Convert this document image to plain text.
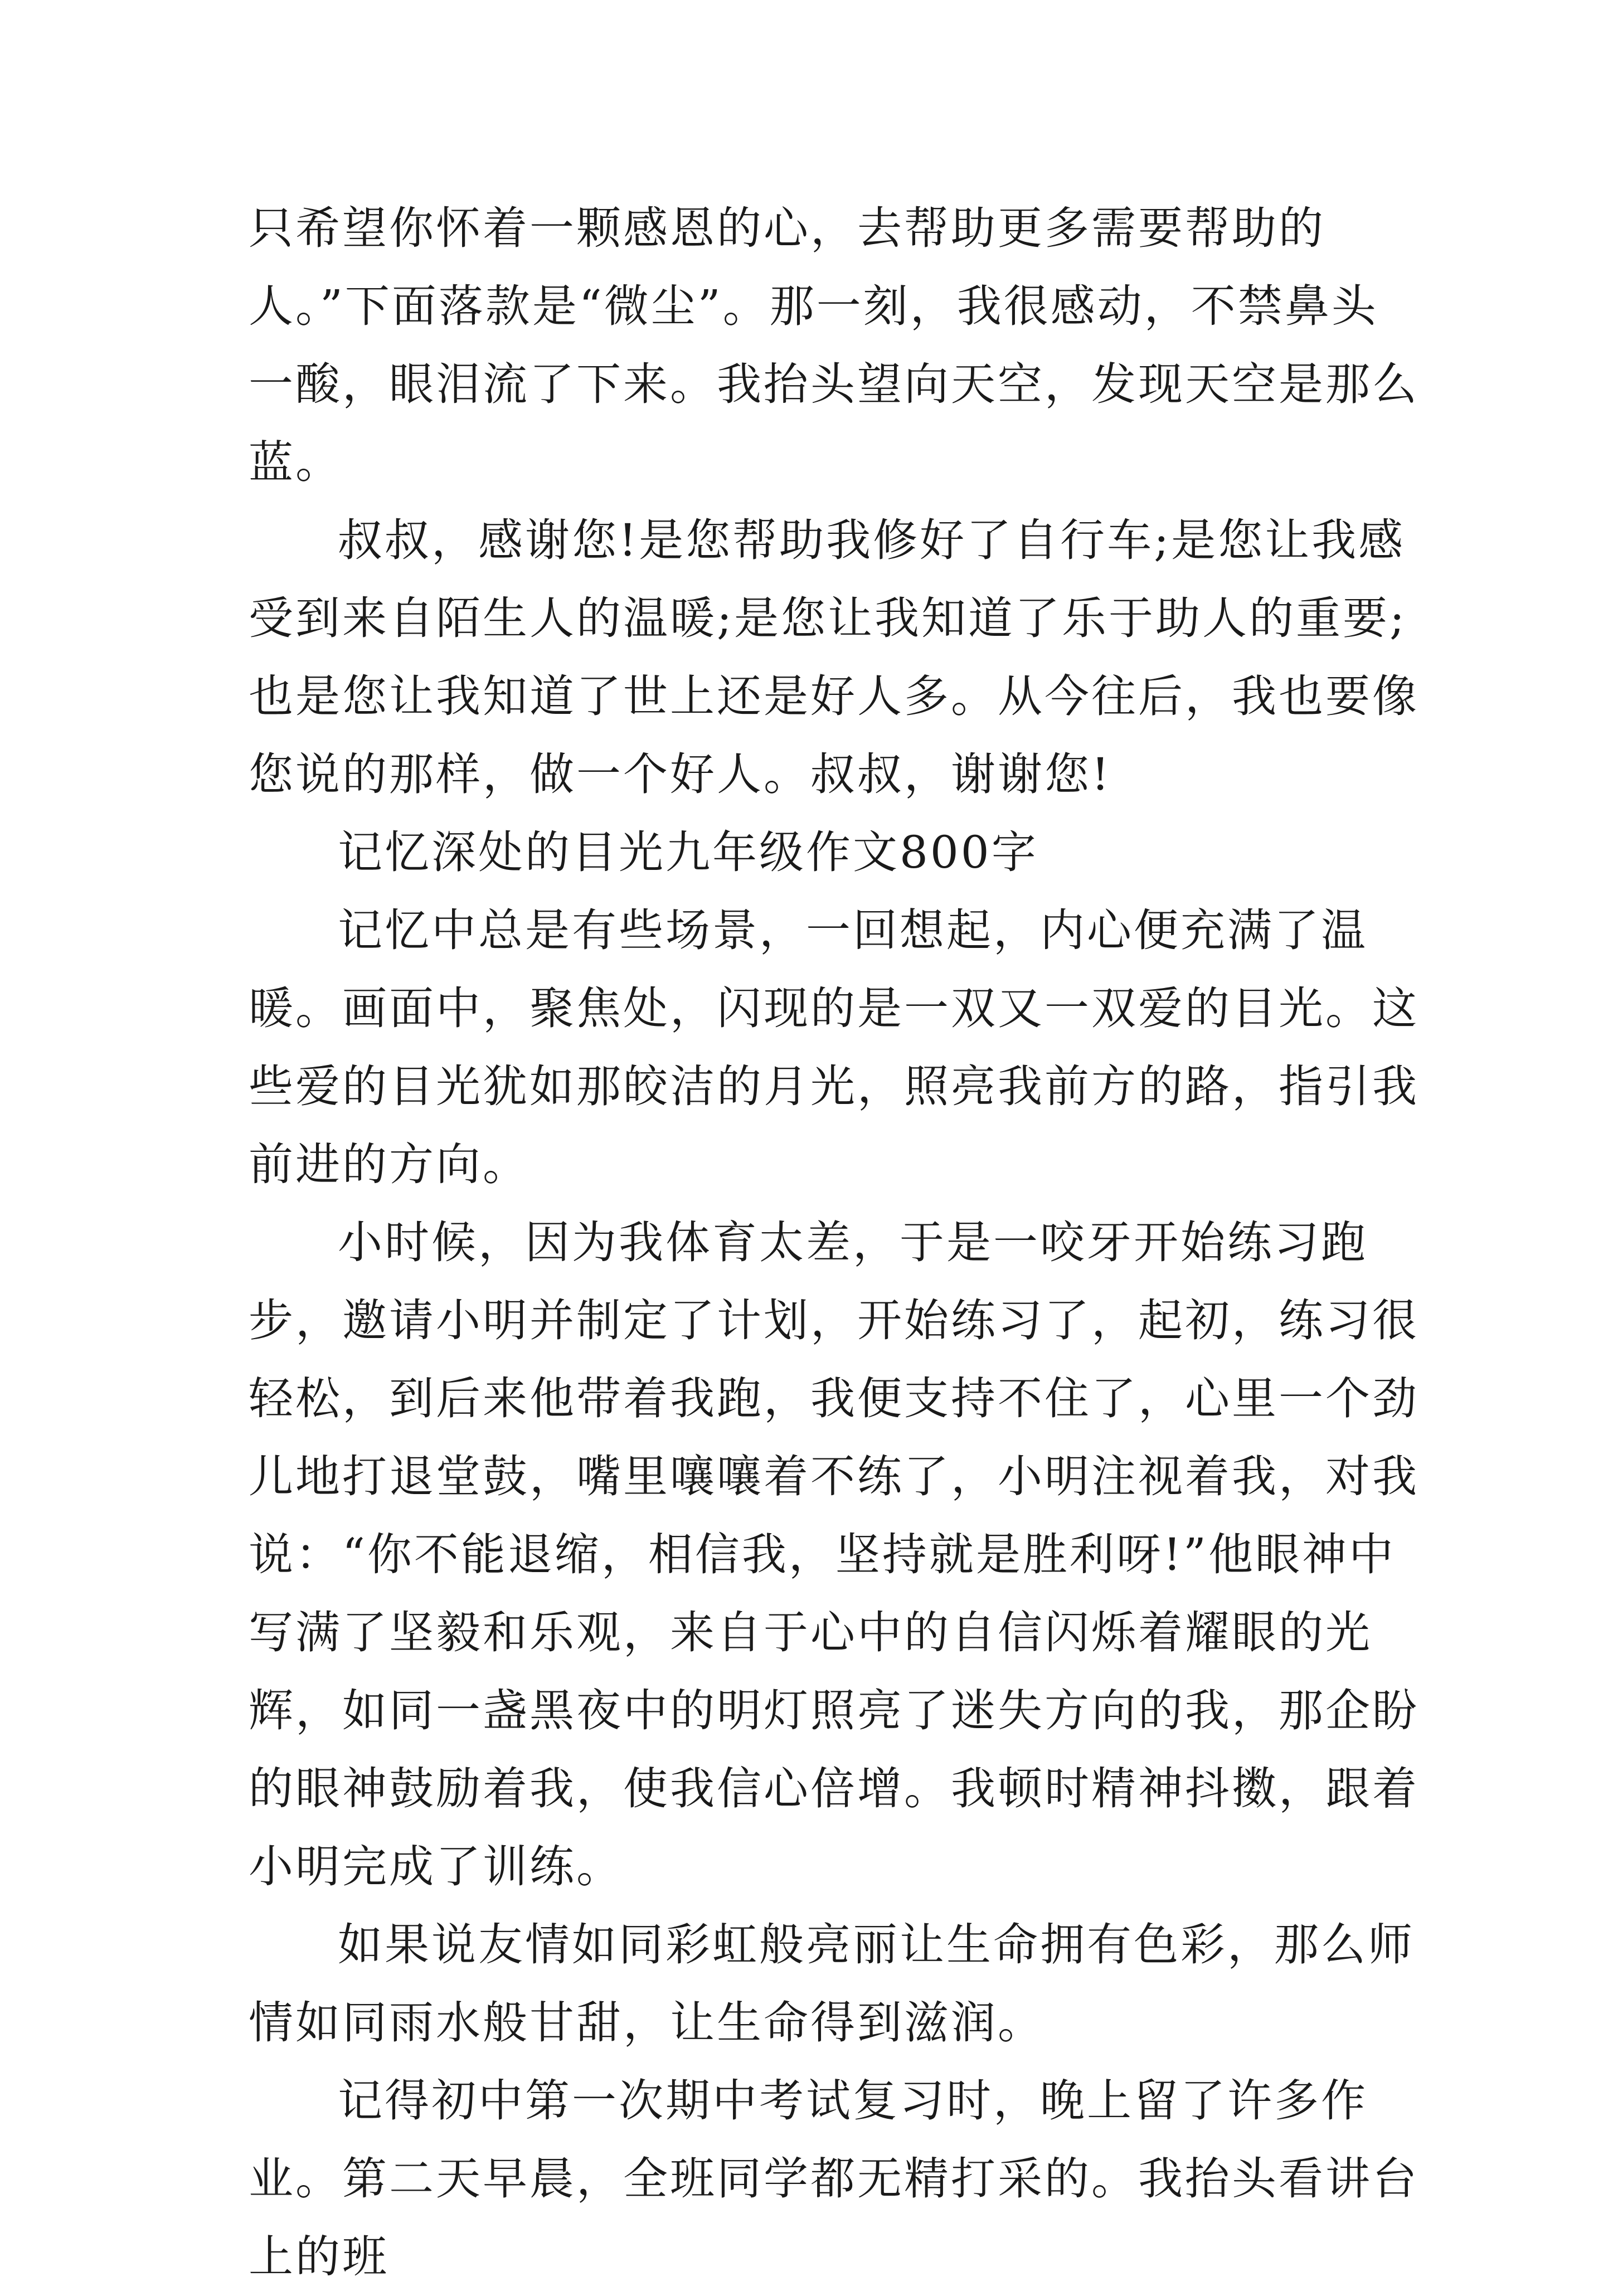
只希望你怀着一颗感恩的心，去帮助更多需要帮助的人。”下面落款是“微尘”。那一刻，我很感动，不禁鼻头一酸，眼泪流了下来。我抬头望向天空，发现天空是那么蓝。

叔叔，感谢您!是您帮助我修好了自行车;是您让我感受到来自陌生人的温暖;是您让我知道了乐于助人的重要;也是您让我知道了世上还是好人多。从今往后，我也要像您说的那样，做一个好人。叔叔，谢谢您!

记忆深处的目光九年级作文800字

记忆中总是有些场景，一回想起，内心便充满了温暖。画面中，聚焦处，闪现的是一双又一双爱的目光。这些爱的目光犹如那皎洁的月光，照亮我前方的路，指引我前进的方向。

小时候，因为我体育太差，于是一咬牙开始练习跑步，邀请小明并制定了计划，开始练习了，起初，练习很轻松，到后来他带着我跑，我便支持不住了，心里一个劲儿地打退堂鼓，嘴里嚷嚷着不练了，小明注视着我，对我说：“你不能退缩，相信我，坚持就是胜利呀!”他眼神中写满了坚毅和乐观，来自于心中的自信闪烁着耀眼的光辉，如同一盏黑夜中的明灯照亮了迷失方向的我，那企盼的眼神鼓励着我，使我信心倍增。我顿时精神抖擞，跟着小明完成了训练。

如果说友情如同彩虹般亮丽让生命拥有色彩，那么师情如同雨水般甘甜，让生命得到滋润。

记得初中第一次期中考试复习时，晚上留了许多作业。第二天早晨，全班同学都无精打采的。我抬头看讲台上的班
